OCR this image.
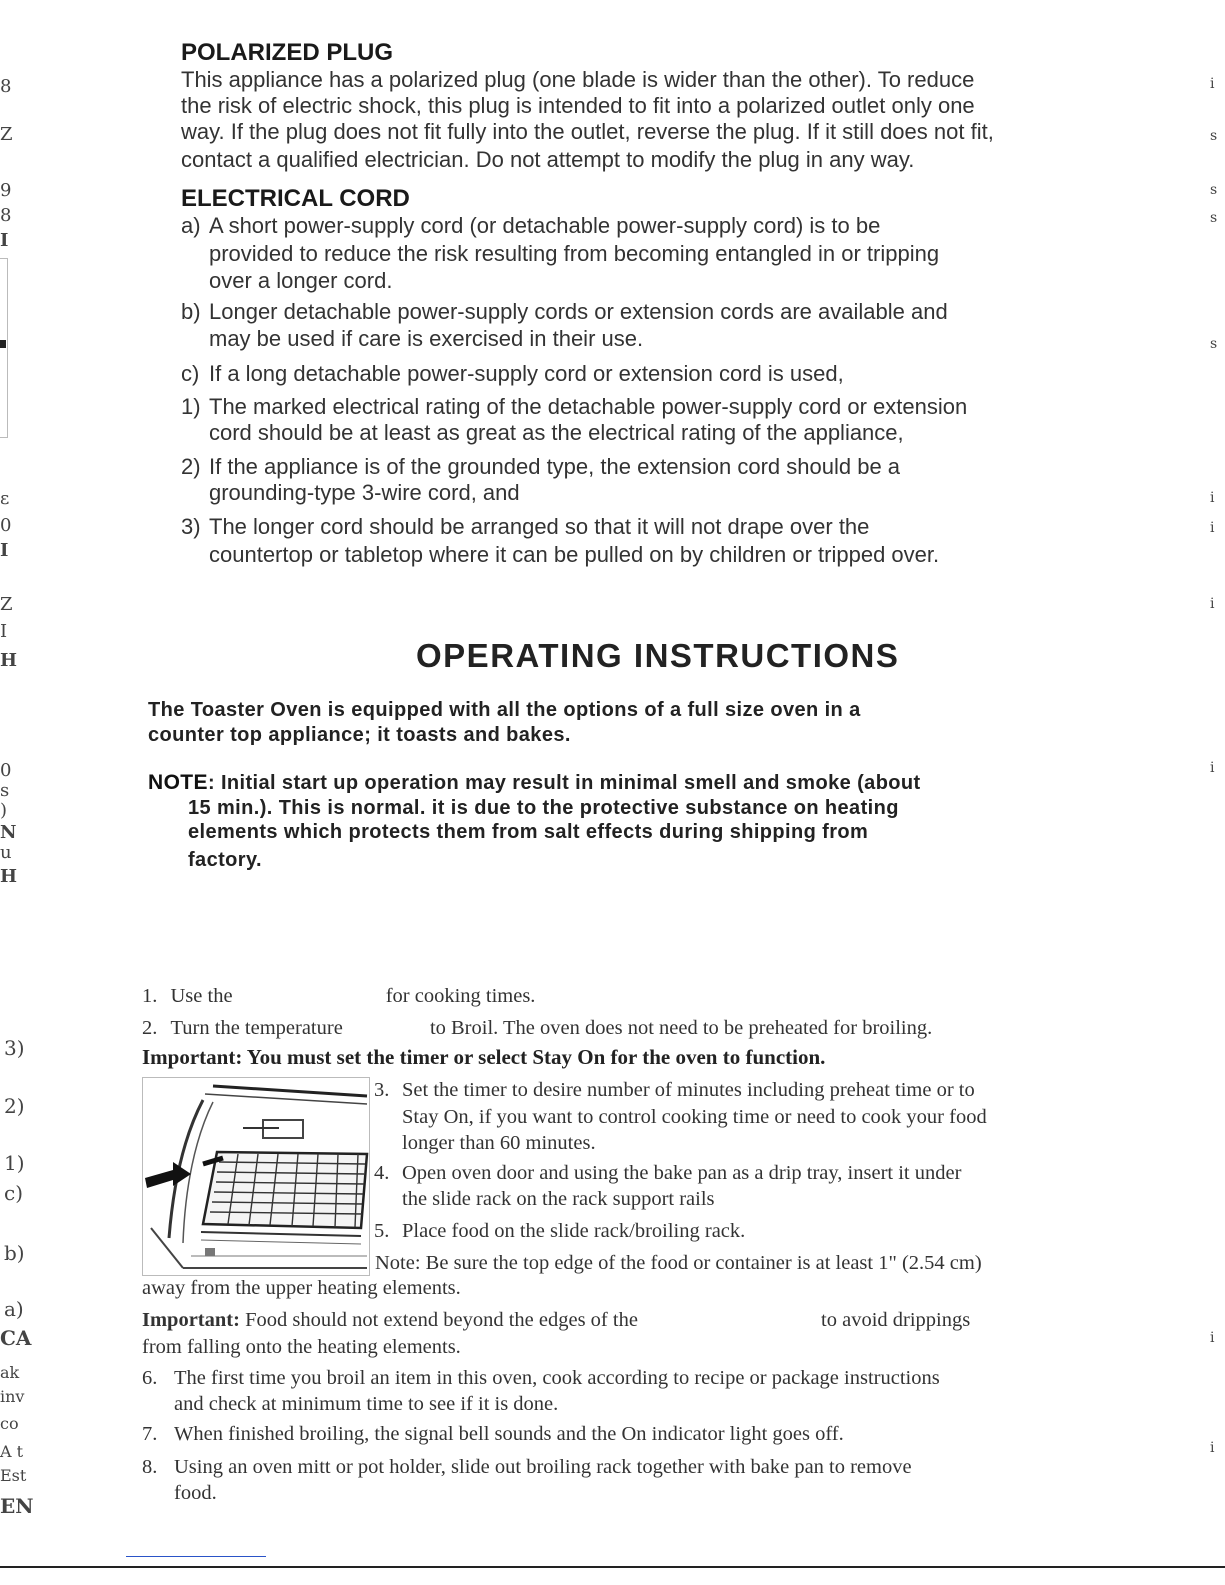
8
Z
9
8
I
ε
0
I
Z
I
H
0
s
)
N
u
H
3)
2)
1)
c)
b)
a)
CA
ak
inv
co
A t
Est
EN
i
s
s
s
s
i
i
i
i
i
i
POLARIZED PLUG
This appliance has a polarized plug (one blade is wider than the other). To reduce
the risk of electric shock, this plug is intended to fit into a polarized outlet only one
way. If the plug does not fit fully into the outlet, reverse the plug. If it still does not fit,
contact a qualified electrician. Do not attempt to modify the plug in any way.
ELECTRICAL CORD
a) A short power-supply cord (or detachable power-supply cord) is to be
provided to reduce the risk resulting from becoming entangled in or tripping
over a longer cord.
b) Longer detachable power-supply cords or extension cords are available and
may be used if care is exercised in their use.
c) If a long detachable power-supply cord or extension cord is used,
1) The marked electrical rating of the detachable power-supply cord or extension
cord should be at least as great as the electrical rating of the appliance,
2) If the appliance is of the grounded type, the extension cord should be a
grounding-type 3-wire cord, and
3) The longer cord should be arranged so that it will not drape over the
countertop or tabletop where it can be pulled on by children or tripped over.
OPERATING INSTRUCTIONS
The Toaster Oven is equipped with all the options of a full size oven in a
counter top appliance; it toasts and bakes.
NOTE: Initial start up operation may result in minimal smell and smoke (about
15 min.). This is normal. it is due to the protective substance on heating
elements which protects them from salt effects during shipping from
factory.
1. Use the	for cooking times.
2. Turn the temperature	to Broil. The oven does not need to be preheated for broiling.
Important: You must set the timer or select Stay On for the oven to function.
3. Set the timer to desire number of minutes including preheat time or to
Stay On, if you want to control cooking time or need to cook your food
longer than 60 minutes.
4. Open oven door and using the bake pan as a drip tray, insert it under
the slide rack on the rack support rails
5. Place food on the slide rack/broiling rack.
Note: Be sure the top edge of the food or container is at least 1" (2.54 cm)
away from the upper heating elements.
Important: Food should not extend beyond the edges of the	to avoid drippings
from falling onto the heating elements.
6. The first time you broil an item in this oven, cook according to recipe or package instructions
and check at minimum time to see if it is done.
7. When finished broiling, the signal bell sounds and the On indicator light goes off.
8. Using an oven mitt or pot holder, slide out broiling rack together with bake pan to remove
food.
